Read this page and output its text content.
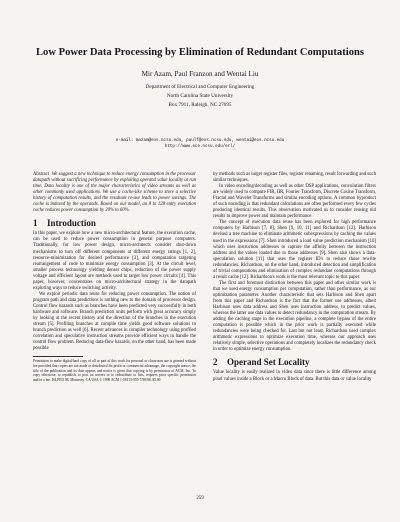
Low Power Data Processing by Elimination of Redundant Computations
Mir Azam, Paul Franzon and Wentai Liu
Department of Electrical and Computer Engineering
North Carolina State University
Box 7911, Raleigh, NC 27695
e-mail: mazam@eos.ncsu.edu, paulf@eos.ncsu.edu, wentai@eos.ncsu.edu
http://www.ece.ncsu.edu/erl/

Abstract We suggest a new technique to reduce energy consumption in the processor datapath without sacrificing performance by exploiting operand value locality at run time. Data locality is one of the major characteristics of video streams as well as other commonly used applications. We use a cache-like scheme to store a selective history of computation results, and the resultant re-use leads to power savings. The cache is indexed by the operands. Based on our model, an 8 to 128 entry execution cache reduces power consumption by 20% to 60%.

1 Introduction

In this paper, we explore how a new micro-architectural feature, the execution cache, can be used to reduce power consumption in general purpose computers. Traditionally, for low power design, micro-architects consider shut-down mechanisms to turn off different components at different energy ratings [1, 2], resource-minimization for desired performance [3], and computation targeting rearrangement of code to minimize energy consumption [3]. At the circuit level, smaller process technology yielding denser chips, reduction of the power supply voltage and efficient layout are methods used to target low power circuits [4]. This paper, however, concentrates on micro-architectural strategy in the datapath exploring ways to reduce switching activity.

We exploit periodic data reuse for reducing power consumption. The notion of program path and data predictions is nothing new to the domain of processor design. Control flow hazards such as branches have been predicted very successfully in both hardware and software. Branch prediction units perform with great accuracy simply by looking at the recent history and the direction of the branches in the execution stream [5]. Profiling branches at compile time yields good software solutions to branch prediction as well [6]. Recent advances in compiler technology using profiled correlation and speculative instruction streams provide efficient ways to handle the control flow problem. Reducing data-flow hazards, on the other hand, has been made possible

Permission to make digital/hard copy of all or part of this work for personal or classroom use is granted without fee provided that copies are not made or distributed for profit or commercial advantage, the copyright notice, the title of the publication and its date appear, and notice is given that copying is by permission of ACM, Inc. To copy otherwise, to republish, to post on servers or to redistribute to lists, requires prior specific permission and/or a fee. ISLPED 98, Monterey, CA USA © 1998 ACM 1-58113-059-7/98/08..$5.00

by methods such as larger register files, register renaming, result forwarding and such similar techniques.

In video encoding/decoding as well as other DSP applications, convolution filters are widely used to compute FIR, IIR, Fourier Transform, Discrete Cosine Transform, Fractal and Wavelet Transforms and similar encoding options. A common byproduct of such encoding is that redundant calculations are often performed every few cycles producing identical results. This observation motivated us to consider reusing old results to improve power and maintain performance.

The concept of execution data reuse has been explored for high performance computers by Harbison [7, 8], Sben [9, 10, 11] and Richardson [12]. Harbison devised a tree machine to eliminate arithmetic subexpressions by caching the values used in the expressions [7]. Shen introduced a load value prediction mechanism [10] which uses instruction addresses to capture the affinity between the instruction address and the values loaded due to those addresses [9]. Shen also shows a data-speculation solution [11] that uses the register ID's to reduce those rewrite redundancies. Richardson, on the other hand, introduced detection and simplification of trivial computations and elimination of complex redundant computations through a result cache [12]. Richardson's work is the most relevant topic to this paper.

The first and foremost distinction between this paper and other similar work is that we used energy consumption per computation, rather than performance, as our optimization parameter. Another characteristic that sets Harbison and Shen apart from this paper and Richardson is the fact that the former use addresses, albeit Harbison uses data address and Shen uses instruction address, to predict values, whereas the latter use data values to detect redundancy in the computation stream. By adding the caching stage in the execution pipeline, a complete bypass of the entire computation is possible which in the prior work is partially executed while redundancies were being checked for. Last but not least, Richardson used complex arithmetic expressions to optimize execution time, whereas our approach uses relatively simple, selective operations and completely localizes the redundancy check in order to optimize energy consumption.

2 Operand Set Locality

Value locality is easily realized in video data since there is little difference among pixel values inside a Block or a Macro Block of data. But this data or value locality

259
